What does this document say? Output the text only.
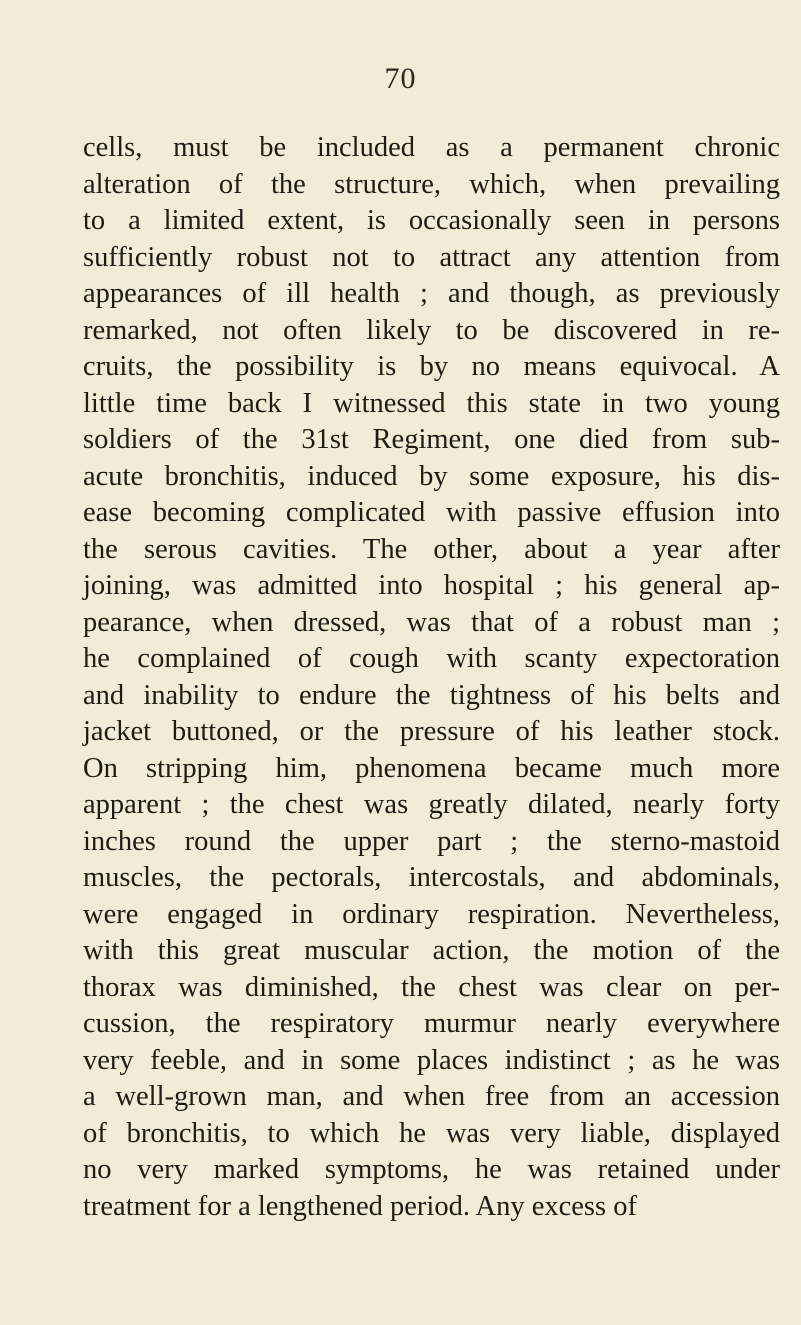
70
cells, must be included as a permanent chronic
alteration of the structure, which, when prevailing
to a limited extent, is occasionally seen in persons
sufficiently robust not to attract any attention from
appearances of ill health ; and though, as previously
remarked, not often likely to be discovered in re-
cruits, the possibility is by no means equivocal. A
little time back I witnessed this state in two young
soldiers of the 31st Regiment, one died from sub-
acute bronchitis, induced by some exposure, his dis-
ease becoming complicated with passive effusion into
the serous cavities. The other, about a year after
joining, was admitted into hospital ; his general ap-
pearance, when dressed, was that of a robust man ;
he complained of cough with scanty expectoration
and inability to endure the tightness of his belts and
jacket buttoned, or the pressure of his leather stock.
On stripping him, phenomena became much more
apparent ; the chest was greatly dilated, nearly forty
inches round the upper part ; the sterno-mastoid
muscles, the pectorals, intercostals, and abdominals,
were engaged in ordinary respiration. Nevertheless,
with this great muscular action, the motion of the
thorax was diminished, the chest was clear on per-
cussion, the respiratory murmur nearly everywhere
very feeble, and in some places indistinct ; as he was
a well-grown man, and when free from an accession
of bronchitis, to which he was very liable, displayed
no very marked symptoms, he was retained under
treatment for a lengthened period. Any excess of
